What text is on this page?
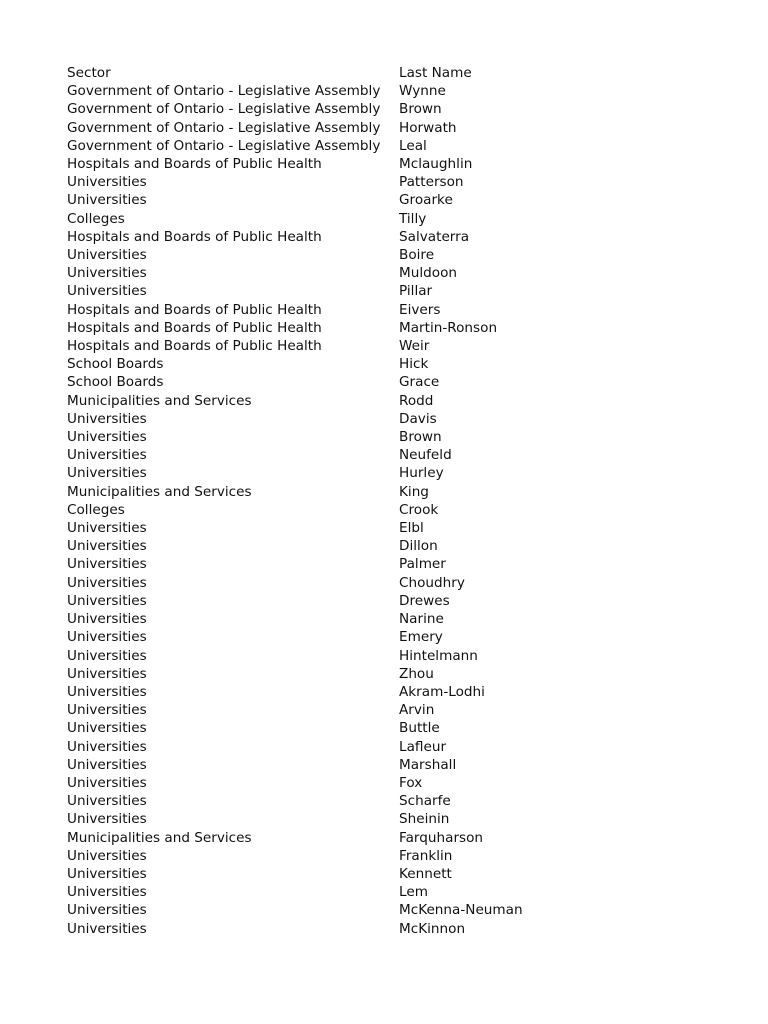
Sector	Last Name
Government of Ontario - Legislative Assembly	Wynne
Government of Ontario - Legislative Assembly	Brown
Government of Ontario - Legislative Assembly	Horwath
Government of Ontario - Legislative Assembly	Leal
Hospitals and Boards of Public Health	Mclaughlin
Universities	Patterson
Universities	Groarke
Colleges	Tilly
Hospitals and Boards of Public Health	Salvaterra
Universities	Boire
Universities	Muldoon
Universities	Pillar
Hospitals and Boards of Public Health	Eivers
Hospitals and Boards of Public Health	Martin-Ronson
Hospitals and Boards of Public Health	Weir
School Boards	Hick
School Boards	Grace
Municipalities and Services	Rodd
Universities	Davis
Universities	Brown
Universities	Neufeld
Universities	Hurley
Municipalities and Services	King
Colleges	Crook
Universities	Elbl
Universities	Dillon
Universities	Palmer
Universities	Choudhry
Universities	Drewes
Universities	Narine
Universities	Emery
Universities	Hintelmann
Universities	Zhou
Universities	Akram-Lodhi
Universities	Arvin
Universities	Buttle
Universities	Lafleur
Universities	Marshall
Universities	Fox
Universities	Scharfe
Universities	Sheinin
Municipalities and Services	Farquharson
Universities	Franklin
Universities	Kennett
Universities	Lem
Universities	McKenna-Neuman
Universities	McKinnon
